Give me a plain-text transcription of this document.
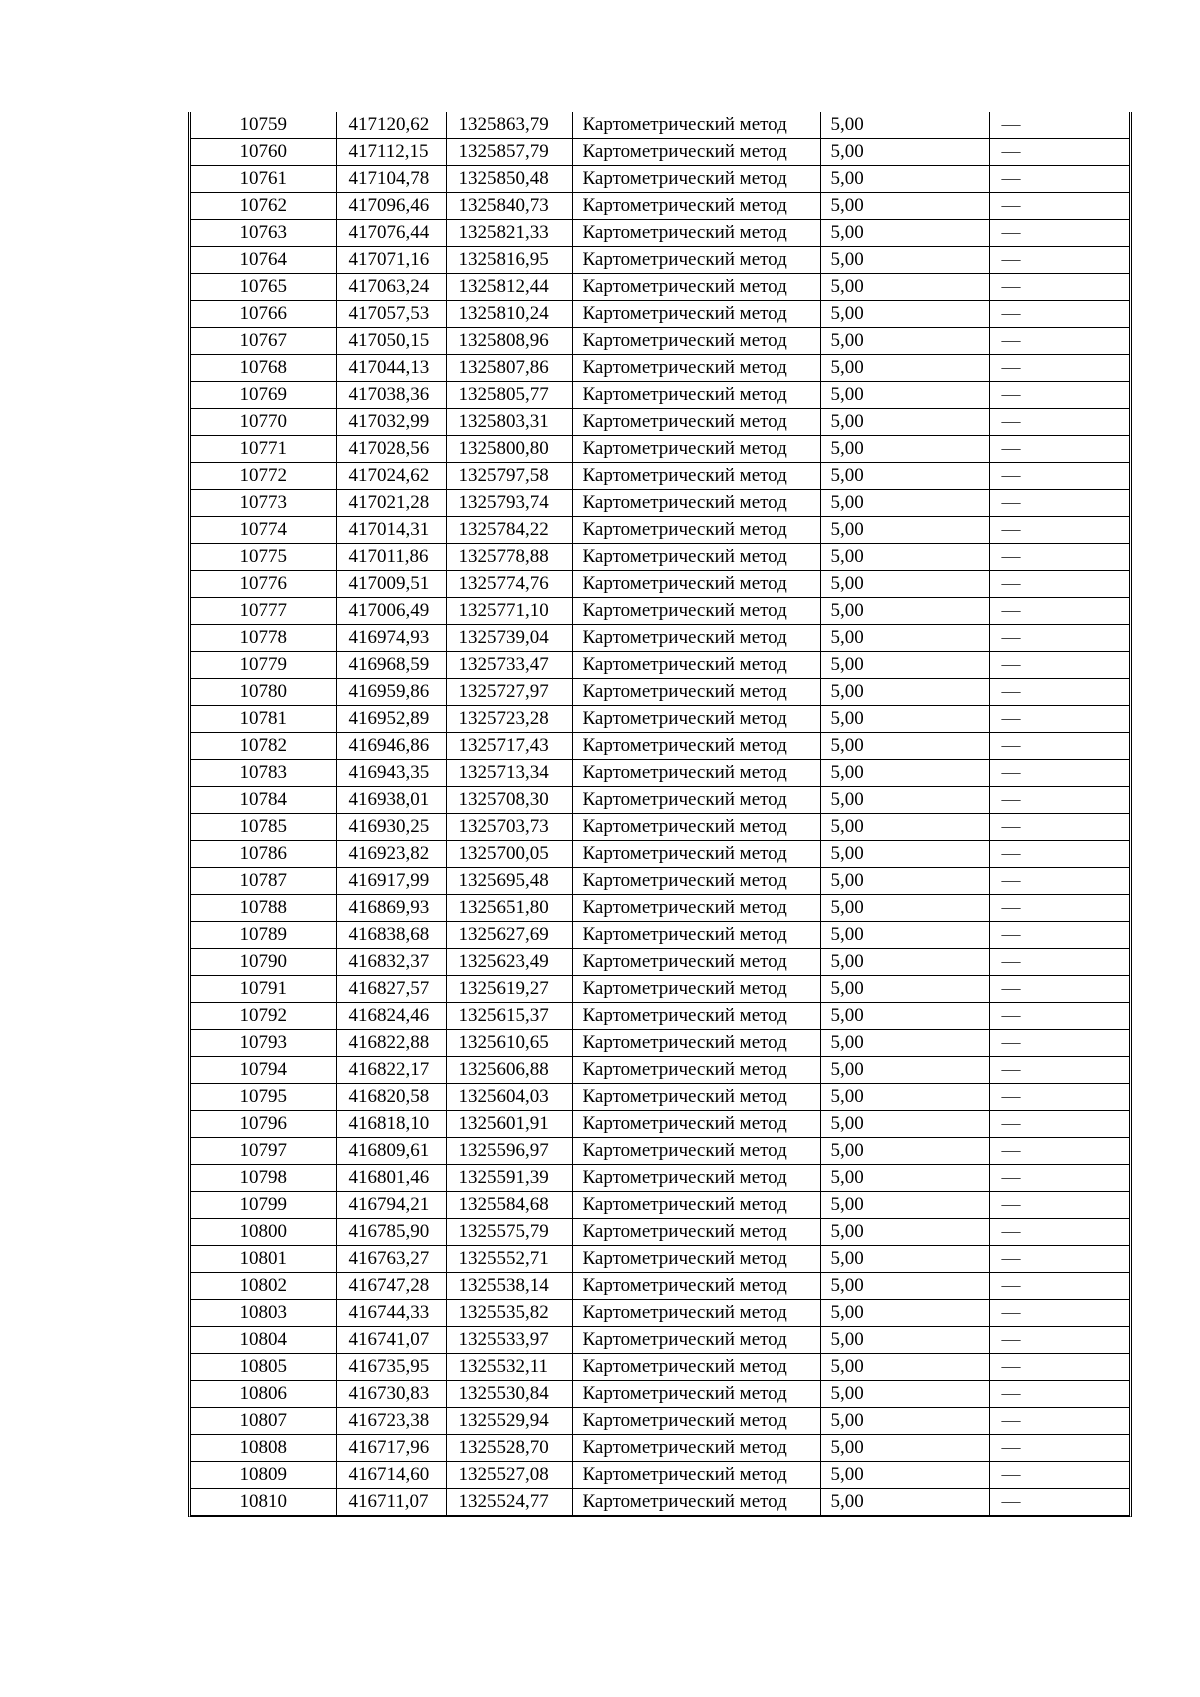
10759	417120,62	1325863,79	Картометрический метод	5,00	—
10760	417112,15	1325857,79	Картометрический метод	5,00	—
10761	417104,78	1325850,48	Картометрический метод	5,00	—
10762	417096,46	1325840,73	Картометрический метод	5,00	—
10763	417076,44	1325821,33	Картометрический метод	5,00	—
10764	417071,16	1325816,95	Картометрический метод	5,00	—
10765	417063,24	1325812,44	Картометрический метод	5,00	—
10766	417057,53	1325810,24	Картометрический метод	5,00	—
10767	417050,15	1325808,96	Картометрический метод	5,00	—
10768	417044,13	1325807,86	Картометрический метод	5,00	—
10769	417038,36	1325805,77	Картометрический метод	5,00	—
10770	417032,99	1325803,31	Картометрический метод	5,00	—
10771	417028,56	1325800,80	Картометрический метод	5,00	—
10772	417024,62	1325797,58	Картометрический метод	5,00	—
10773	417021,28	1325793,74	Картометрический метод	5,00	—
10774	417014,31	1325784,22	Картометрический метод	5,00	—
10775	417011,86	1325778,88	Картометрический метод	5,00	—
10776	417009,51	1325774,76	Картометрический метод	5,00	—
10777	417006,49	1325771,10	Картометрический метод	5,00	—
10778	416974,93	1325739,04	Картометрический метод	5,00	—
10779	416968,59	1325733,47	Картометрический метод	5,00	—
10780	416959,86	1325727,97	Картометрический метод	5,00	—
10781	416952,89	1325723,28	Картометрический метод	5,00	—
10782	416946,86	1325717,43	Картометрический метод	5,00	—
10783	416943,35	1325713,34	Картометрический метод	5,00	—
10784	416938,01	1325708,30	Картометрический метод	5,00	—
10785	416930,25	1325703,73	Картометрический метод	5,00	—
10786	416923,82	1325700,05	Картометрический метод	5,00	—
10787	416917,99	1325695,48	Картометрический метод	5,00	—
10788	416869,93	1325651,80	Картометрический метод	5,00	—
10789	416838,68	1325627,69	Картометрический метод	5,00	—
10790	416832,37	1325623,49	Картометрический метод	5,00	—
10791	416827,57	1325619,27	Картометрический метод	5,00	—
10792	416824,46	1325615,37	Картометрический метод	5,00	—
10793	416822,88	1325610,65	Картометрический метод	5,00	—
10794	416822,17	1325606,88	Картометрический метод	5,00	—
10795	416820,58	1325604,03	Картометрический метод	5,00	—
10796	416818,10	1325601,91	Картометрический метод	5,00	—
10797	416809,61	1325596,97	Картометрический метод	5,00	—
10798	416801,46	1325591,39	Картометрический метод	5,00	—
10799	416794,21	1325584,68	Картометрический метод	5,00	—
10800	416785,90	1325575,79	Картометрический метод	5,00	—
10801	416763,27	1325552,71	Картометрический метод	5,00	—
10802	416747,28	1325538,14	Картометрический метод	5,00	—
10803	416744,33	1325535,82	Картометрический метод	5,00	—
10804	416741,07	1325533,97	Картометрический метод	5,00	—
10805	416735,95	1325532,11	Картометрический метод	5,00	—
10806	416730,83	1325530,84	Картометрический метод	5,00	—
10807	416723,38	1325529,94	Картометрический метод	5,00	—
10808	416717,96	1325528,70	Картометрический метод	5,00	—
10809	416714,60	1325527,08	Картометрический метод	5,00	—
10810	416711,07	1325524,77	Картометрический метод	5,00	—
